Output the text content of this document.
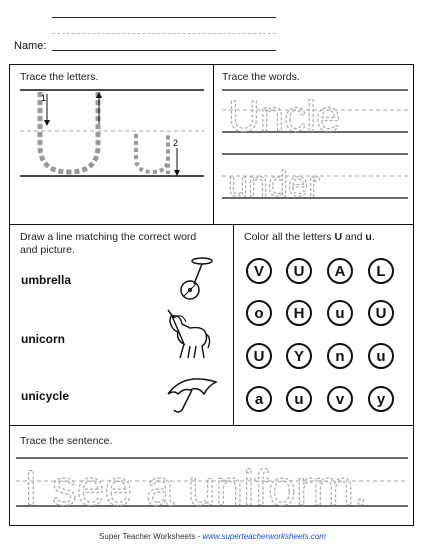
Name:
Trace the letters.
1
2
Trace the words.
Uncle
under
Draw a line matching the correct word and picture.
umbrella
unicorn
unicycle
Color all the letters U and u.
V	U	A	L
o	H	u	U
U	Y	n	u
a	u	v	y
Trace the sentence.
I see a uniform.
Super Teacher Worksheets - www.superteacherworksheets.com
